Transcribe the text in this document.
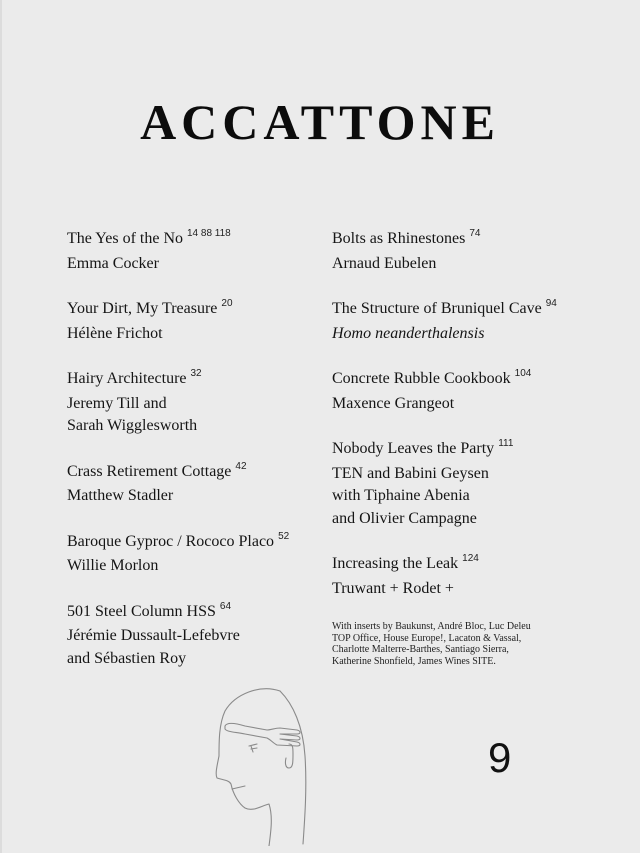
ACCATTONE
The Yes of the No $^{14 88 118}$
Emma Cocker
Your Dirt, My Treasure $^{20}$
Hélène Frichot
Hairy Architecture $^{32}$
Jeremy Till and
Sarah Wigglesworth
Crass Retirement Cottage $^{42}$
Matthew Stadler
Baroque Gyproc / Rococo Placo $^{52}$
Willie Morlon
501 Steel Column HSS $^{64}$
Jérémie Dussault-Lefebvre
and Sébastien Roy
Bolts as Rhinestones $^{74}$
Arnaud Eubelen
The Structure of Bruniquel Cave $^{94}$
Homo neanderthalensis
Concrete Rubble Cookbook $^{104}$
Maxence Grangeot
Nobody Leaves the Party $^{111}$
TEN and Babini Geysen
with Tiphaine Abenia
and Olivier Campagne
Increasing the Leak $^{124}$
Truwant + Rodet +
With inserts by Baukunst, André Bloc, Luc Deleu
TOP Office, House Europe!, Lacaton & Vassal,
Charlotte Malterre-Barthes, Santiago Sierra,
Katherine Shonfield, James Wines SITE.
9
